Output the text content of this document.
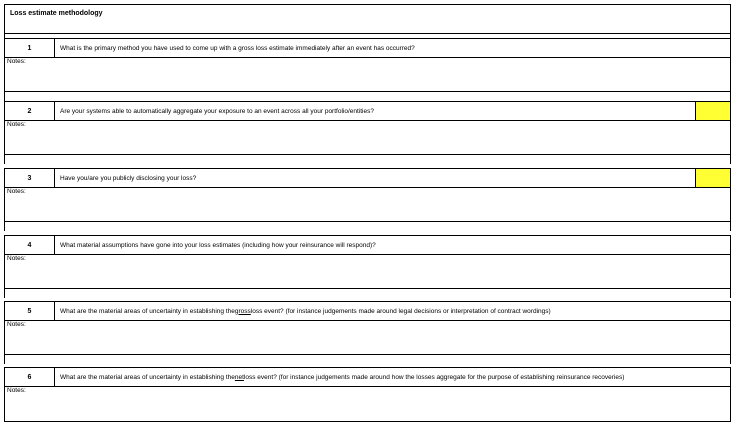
Loss estimate methodology
1	What is the primary method you have used to come up with a gross loss estimate immediately after an event has occurred?
Notes:
2	Are your systems able to automatically aggregate your exposure to an event across all your portfolio/entities?
Notes:
3	Have you/are you publicly disclosing your loss?
Notes:
4	What material assumptions have gone into your loss estimates (including how your reinsurance will respond)?
Notes:
5	What are the material areas of uncertainty in establishing the gross loss event? (for instance judgements made around legal decisions or interpretation of contract wordings)
Notes:
6	What are the material areas of uncertainty in establishing the net loss event? (for instance judgements made around how the losses aggregate for the purpose of establishing reinsurance recoveries)
Notes:
